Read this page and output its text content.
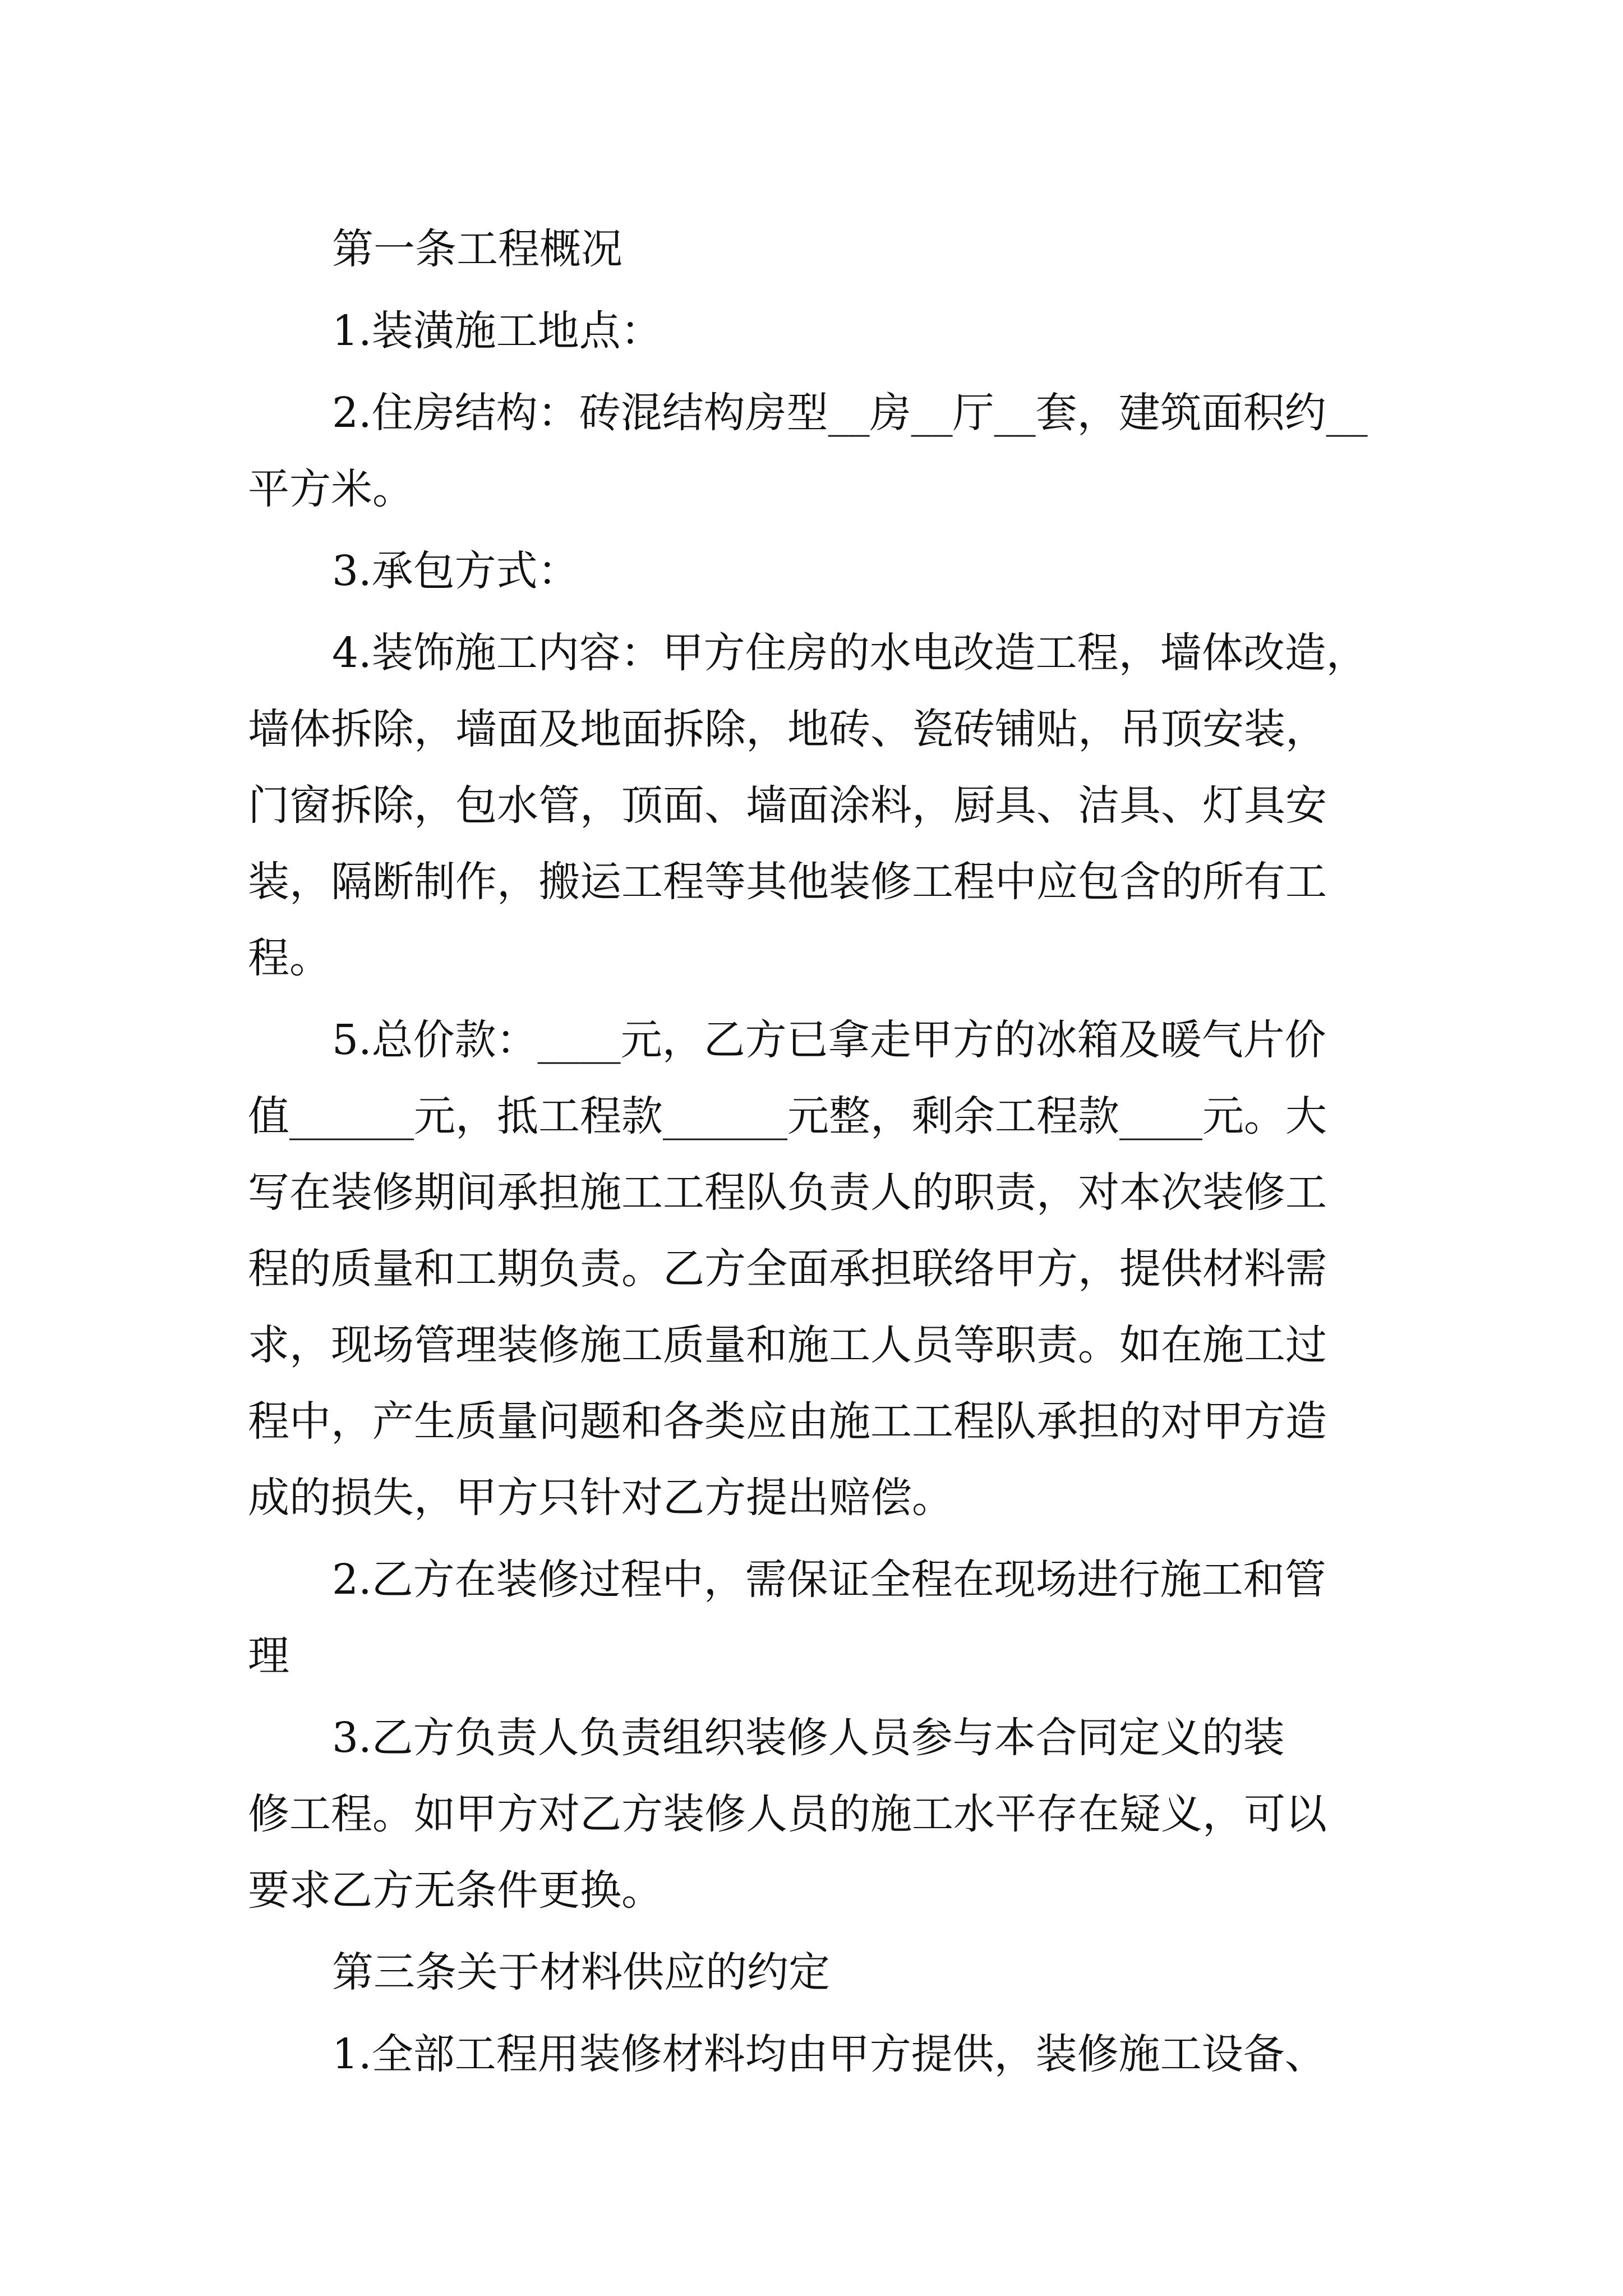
第一条工程概况
1.装潢施工地点：
2.住房结构：砖混结构房型__房__厅__套，建筑面积约__
平方米。
3.承包方式：
4.装饰施工内容：甲方住房的水电改造工程，墙体改造，
墙体拆除，墙面及地面拆除，地砖、瓷砖铺贴，吊顶安装，
门窗拆除，包水管，顶面、墙面涂料，厨具、洁具、灯具安
装，隔断制作，搬运工程等其他装修工程中应包含的所有工
程。
5.总价款：____元，乙方已拿走甲方的冰箱及暖气片价
值______元，抵工程款______元整，剩余工程款____元。大
写在装修期间承担施工工程队负责人的职责，对本次装修工
程的质量和工期负责。乙方全面承担联络甲方，提供材料需
求，现场管理装修施工质量和施工人员等职责。如在施工过
程中，产生质量问题和各类应由施工工程队承担的对甲方造
成的损失，甲方只针对乙方提出赔偿。
2.乙方在装修过程中，需保证全程在现场进行施工和管
理
3.乙方负责人负责组织装修人员参与本合同定义的装
修工程。如甲方对乙方装修人员的施工水平存在疑义，可以
要求乙方无条件更换。
第三条关于材料供应的约定
1.全部工程用装修材料均由甲方提供，装修施工设备、
